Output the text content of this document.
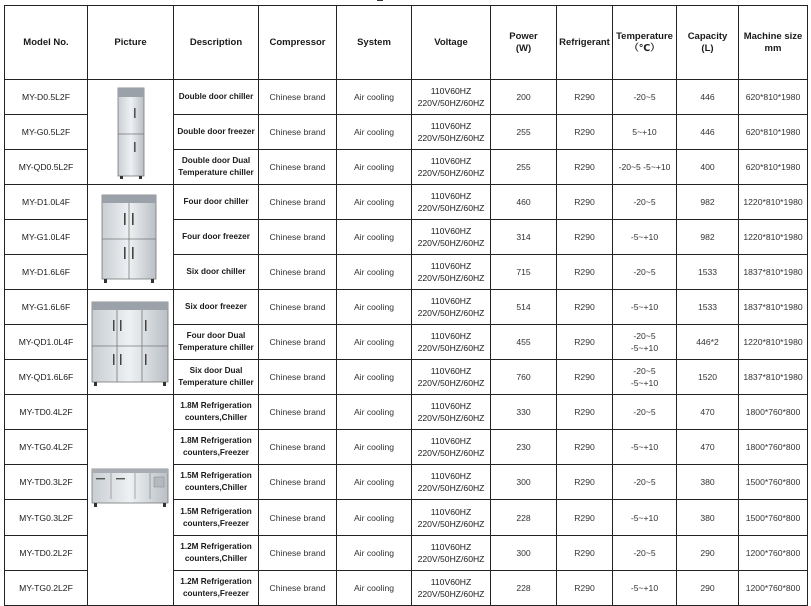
Model No.	Picture	Description	Compressor	System	Voltage	Power
(W)	Refrigerant	Temperature
（℃）	Capacity
(L)	Machine size
mm
MY-D0.5L2F		Double door chiller	Chinese brand	Air cooling	110V60HZ
220V/50HZ/60HZ	200	R290	-20~5	446	620*810*1980
MY-G0.5L2F		Double door freezer	Chinese brand	Air cooling	110V60HZ
220V/50HZ/60HZ	255	R290	5~+10	446	620*810*1980
MY-QD0.5L2F		Double door Dual
Temperature chiller	Chinese brand	Air cooling	110V60HZ
220V/50HZ/60HZ	255	R290	-20~5 -5~+10	400	620*810*1980
MY-D1.0L4F		Four door chiller	Chinese brand	Air cooling	110V60HZ
220V/50HZ/60HZ	460	R290	-20~5	982	1220*810*1980
MY-G1.0L4F		Four door freezer	Chinese brand	Air cooling	110V60HZ
220V/50HZ/60HZ	314	R290	-5~+10	982	1220*810*1980
MY-D1.6L6F		Six door chiller	Chinese brand	Air cooling	110V60HZ
220V/50HZ/60HZ	715	R290	-20~5	1533	1837*810*1980
MY-G1.6L6F		Six door freezer	Chinese brand	Air cooling	110V60HZ
220V/50HZ/60HZ	514	R290	-5~+10	1533	1837*810*1980
MY-QD1.0L4F		Four door Dual
Temperature chiller	Chinese brand	Air cooling	110V60HZ
220V/50HZ/60HZ	455	R290	-20~5
-5~+10	446*2	1220*810*1980
MY-QD1.6L6F		Six door Dual
Temperature chiller	Chinese brand	Air cooling	110V60HZ
220V/50HZ/60HZ	760	R290	-20~5
-5~+10	1520	1837*810*1980
MY-TD0.4L2F		1.8M Refrigeration
counters,Chiller	Chinese brand	Air cooling	110V60HZ
220V/50HZ/60HZ	330	R290	-20~5	470	1800*760*800
MY-TG0.4L2F		1.8M Refrigeration
counters,Freezer	Chinese brand	Air cooling	110V60HZ
220V/50HZ/60HZ	230	R290	-5~+10	470	1800*760*800
MY-TD0.3L2F		1.5M Refrigeration
counters,Chiller	Chinese brand	Air cooling	110V60HZ
220V/50HZ/60HZ	300	R290	-20~5	380	1500*760*800
MY-TG0.3L2F		1.5M Refrigeration
counters,Freezer	Chinese brand	Air cooling	110V60HZ
220V/50HZ/60HZ	228	R290	-5~+10	380	1500*760*800
MY-TD0.2L2F		1.2M Refrigeration
counters,Chiller	Chinese brand	Air cooling	110V60HZ
220V/50HZ/60HZ	300	R290	-20~5	290	1200*760*800
MY-TG0.2L2F		1.2M Refrigeration
counters,Freezer	Chinese brand	Air cooling	110V60HZ
220V/50HZ/60HZ	228	R290	-5~+10	290	1200*760*800
